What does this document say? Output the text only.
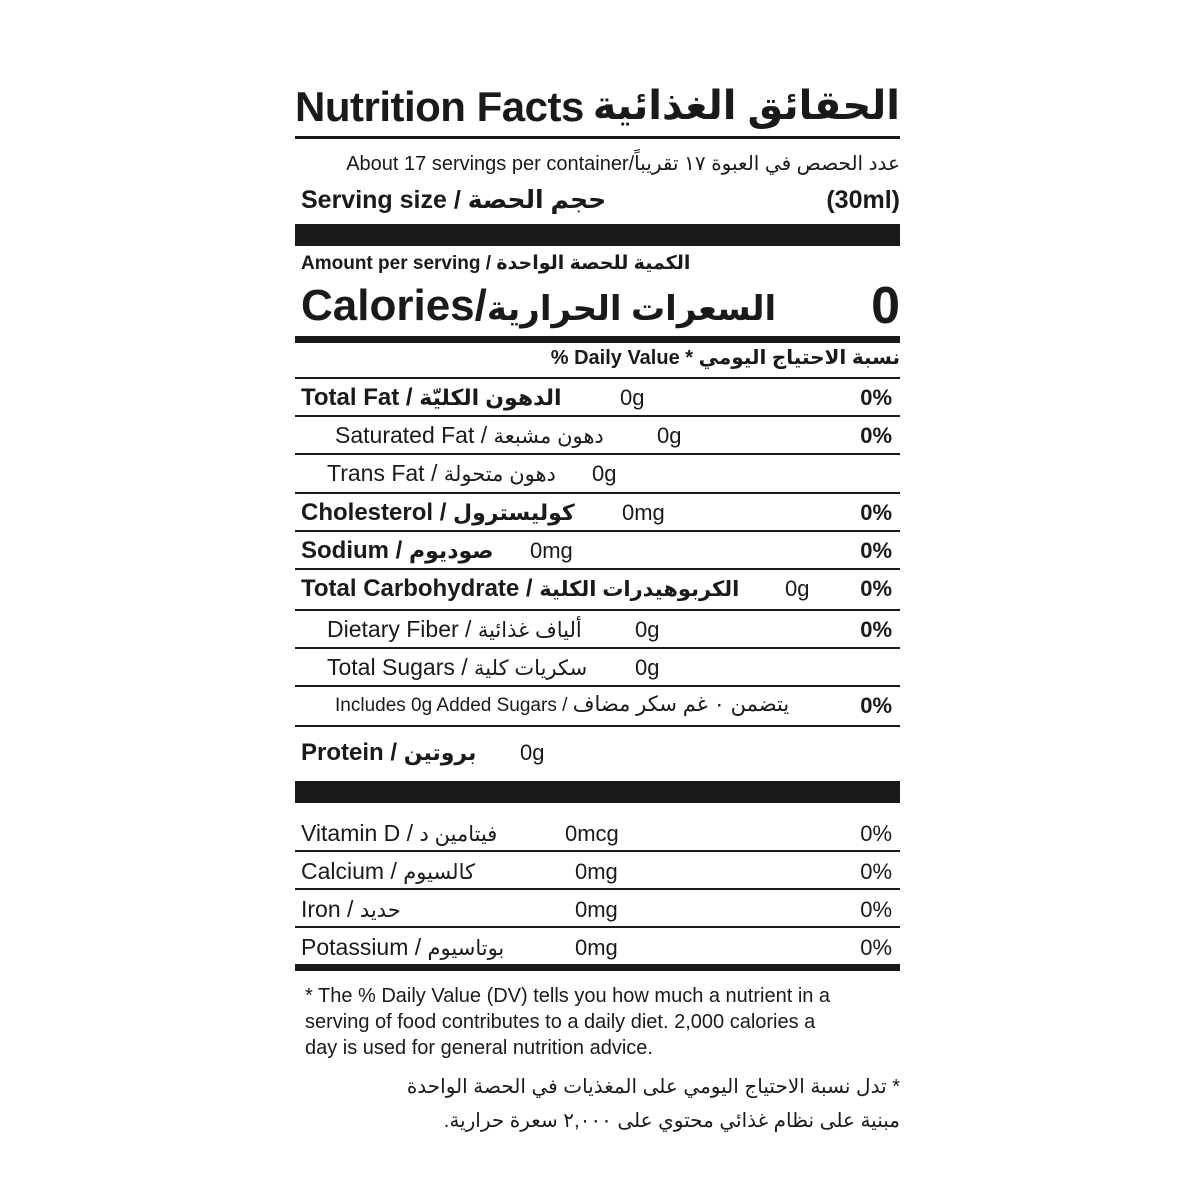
Nutrition Facts الحقائق الغذائية
عدد الحصص في العبوة ١٧ تقريباً/About 17 servings per container
Serving size / حجم الحصة	(30ml)
Amount per serving / الكمية للحصة الواحدة
Calories/السعرات الحرارية 0
نسبة الاحتياج اليومي * Daily Value %
Total Fat / الدهون الكليّة	0g	0%
Saturated Fat / دهون مشبعة 0g	0%
Trans Fat / دهون متحولة 0g
Cholesterol / كوليسترول 0mg	0%
Sodium / صوديوم 0mg	0%
Total Carbohydrate / الكربوهيدرات الكلية 0g 0%
Dietary Fiber / ألياف غذائية 0g	0%
Total Sugars / سكريات كلية 0g
Includes 0g Added Sugars / يتضمن ٠ غم سكر مضاف	0%
Protein / بروتين 0g
Vitamin D / فيتامين د	0mcg	0%
Calcium / كالسيوم	0mg	0%
Iron / حديد	0mg	0%
Potassium / بوتاسيوم	0mg	0%
* The % Daily Value (DV) tells you how much a nutrient in a
serving of food contributes to a daily diet. 2,000 calories a
day is used for general nutrition advice.
* تدل نسبة الاحتياج اليومي على المغذيات في الحصة الواحدة
مبنية على نظام غذائي محتوي على ٢,٠٠٠ سعرة حرارية.
